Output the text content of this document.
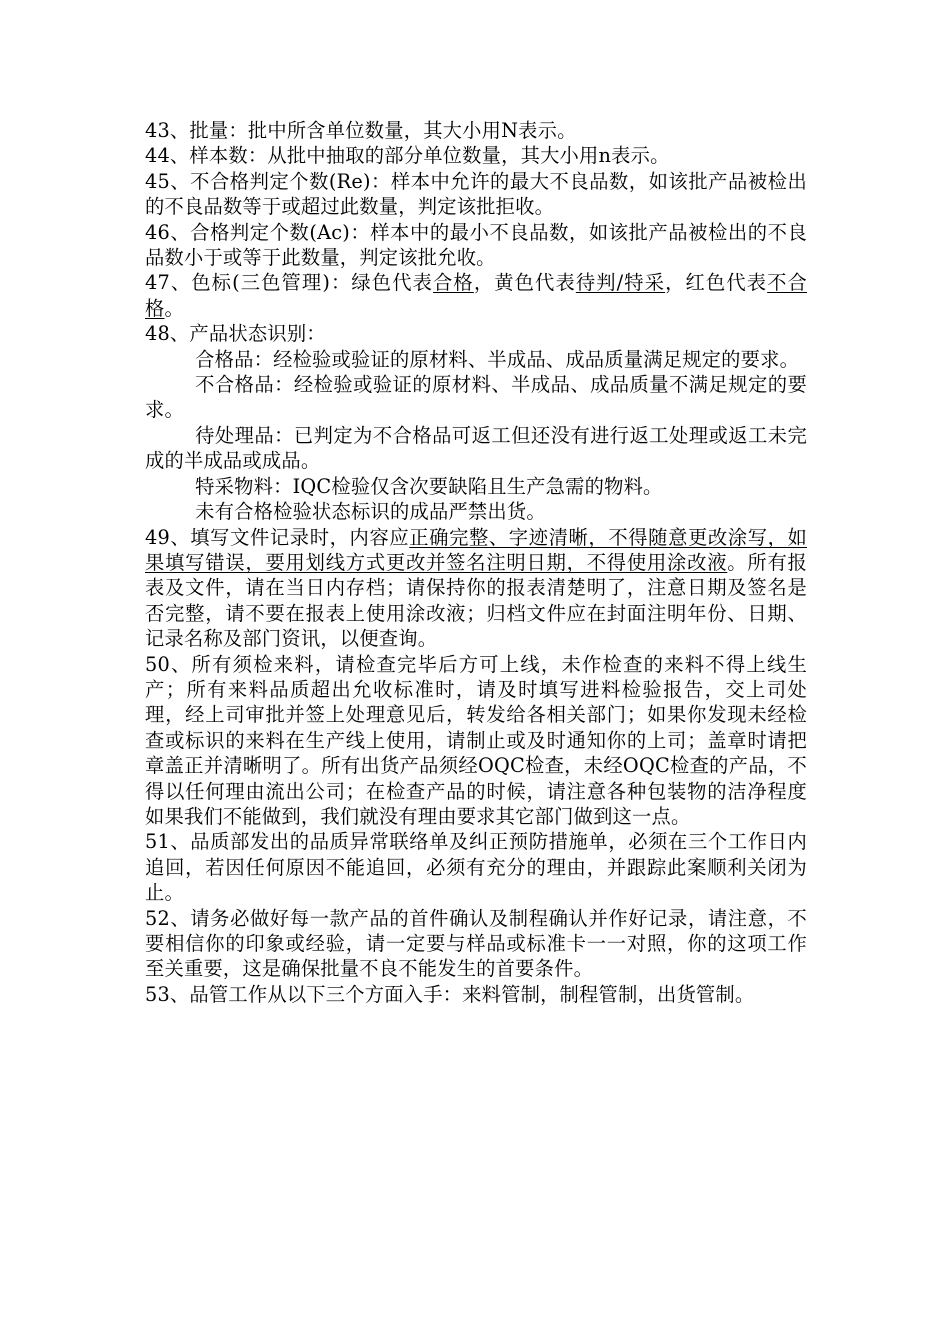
43、批量：批中所含单位数量，其大小用N表示。

44、样本数：从批中抽取的部分单位数量，其大小用n表示。

45、不合格判定个数(Re)：样本中允许的最大不良品数，如该批产品被检出的不良品数等于或超过此数量，判定该批拒收。

46、合格判定个数(Ac)：样本中的最小不良品数，如该批产品被检出的不良品数小于或等于此数量，判定该批允收。

47、色标(三色管理)：绿色代表合格，黄色代表待判/特采，红色代表不合格。

48、产品状态识别：

合格品：经检验或验证的原材料、半成品、成品质量满足规定的要求。

不合格品：经检验或验证的原材料、半成品、成品质量不满足规定的要求。

待处理品：已判定为不合格品可返工但还没有进行返工处理或返工未完成的半成品或成品。

特采物料：IQC检验仅含次要缺陷且生产急需的物料。

未有合格检验状态标识的成品严禁出货。

49、填写文件记录时，内容应正确完整、字迹清晰，不得随意更改涂写，如果填写错误，要用划线方式更改并签名注明日期，不得使用涂改液。所有报表及文件，请在当日内存档；请保持你的报表清楚明了，注意日期及签名是否完整，请不要在报表上使用涂改液；归档文件应在封面注明年份、日期、记录名称及部门资讯，以便查询。

50、所有须检来料，请检查完毕后方可上线，未作检查的来料不得上线生产；所有来料品质超出允收标准时，请及时填写进料检验报告，交上司处理，经上司审批并签上处理意见后，转发给各相关部门；如果你发现未经检查或标识的来料在生产线上使用，请制止或及时通知你的上司；盖章时请把章盖正并清晰明了。所有出货产品须经OQC检查，未经OQC检查的产品，不得以任何理由流出公司；在检查产品的时候，请注意各种包装物的洁净程度如果我们不能做到，我们就没有理由要求其它部门做到这一点。

51、品质部发出的品质异常联络单及纠正预防措施单，必须在三个工作日内追回，若因任何原因不能追回，必须有充分的理由，并跟踪此案顺利关闭为止。

52、请务必做好每一款产品的首件确认及制程确认并作好记录，请注意，不要相信你的印象或经验，请一定要与样品或标准卡一一对照，你的这项工作至关重要，这是确保批量不良不能发生的首要条件。

53、品管工作从以下三个方面入手：来料管制，制程管制，出货管制。
